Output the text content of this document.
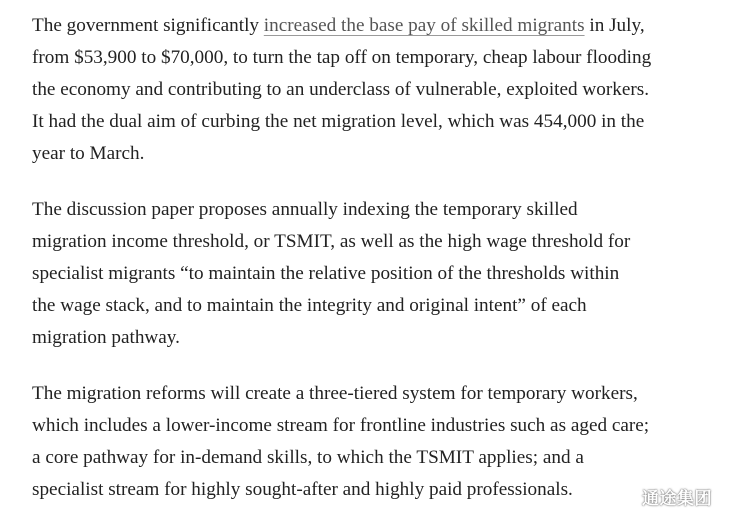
The government significantly increased the base pay of skilled migrants in July,
from $53,900 to $70,000, to turn the tap off on temporary, cheap labour flooding
the economy and contributing to an underclass of vulnerable, exploited workers.
It had the dual aim of curbing the net migration level, which was 454,000 in the
year to March.

The discussion paper proposes annually indexing the temporary skilled
migration income threshold, or TSMIT, as well as the high wage threshold for
specialist migrants “to maintain the relative position of the thresholds within
the wage stack, and to maintain the integrity and original intent” of each
migration pathway.

The migration reforms will create a three-tiered system for temporary workers,
which includes a lower-income stream for frontline industries such as aged care;
a core pathway for in-demand skills, to which the TSMIT applies; and a
specialist stream for highly sought-after and highly paid professionals.	通途集团
